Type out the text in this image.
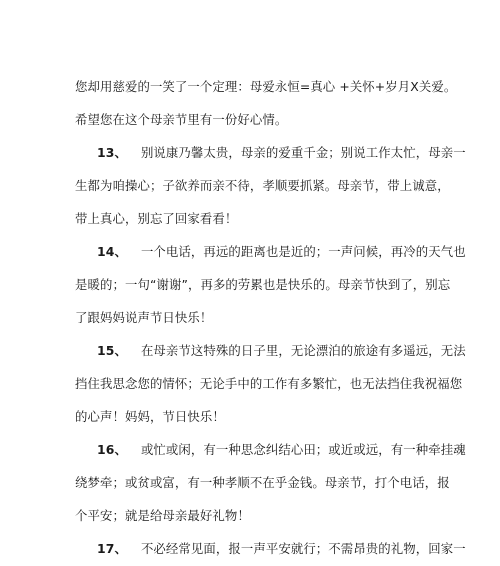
您却用慈爱的一笑了一个定理：母爱永恒=真心 +关怀+岁月X关爱。
希望您在这个母亲节里有一份好心情。
13、 别说康乃馨太贵，母亲的爱重千金；别说工作太忙，母亲一
生都为咱操心；子欲养而亲不待，孝顺要抓紧。母亲节，带上诚意，
带上真心，别忘了回家看看！
14、 一个电话，再远的距离也是近的；一声问候，再冷的天气也
是暖的；一句“谢谢”，再多的劳累也是快乐的。母亲节快到了，别忘
了跟妈妈说声节日快乐！
15、 在母亲节这特殊的日子里，无论漂泊的旅途有多遥远，无法
挡住我思念您的情怀；无论手中的工作有多繁忙，也无法挡住我祝福您
的心声！妈妈，节日快乐！
16、 或忙或闲，有一种思念纠结心田；或近或远，有一种牵挂魂
绕梦牵；或贫或富，有一种孝顺不在乎金钱。母亲节，打个电话，报
个平安；就是给母亲最好礼物！
17、 不必经常见面，报一声平安就行；不需昂贵的礼物，回家一
